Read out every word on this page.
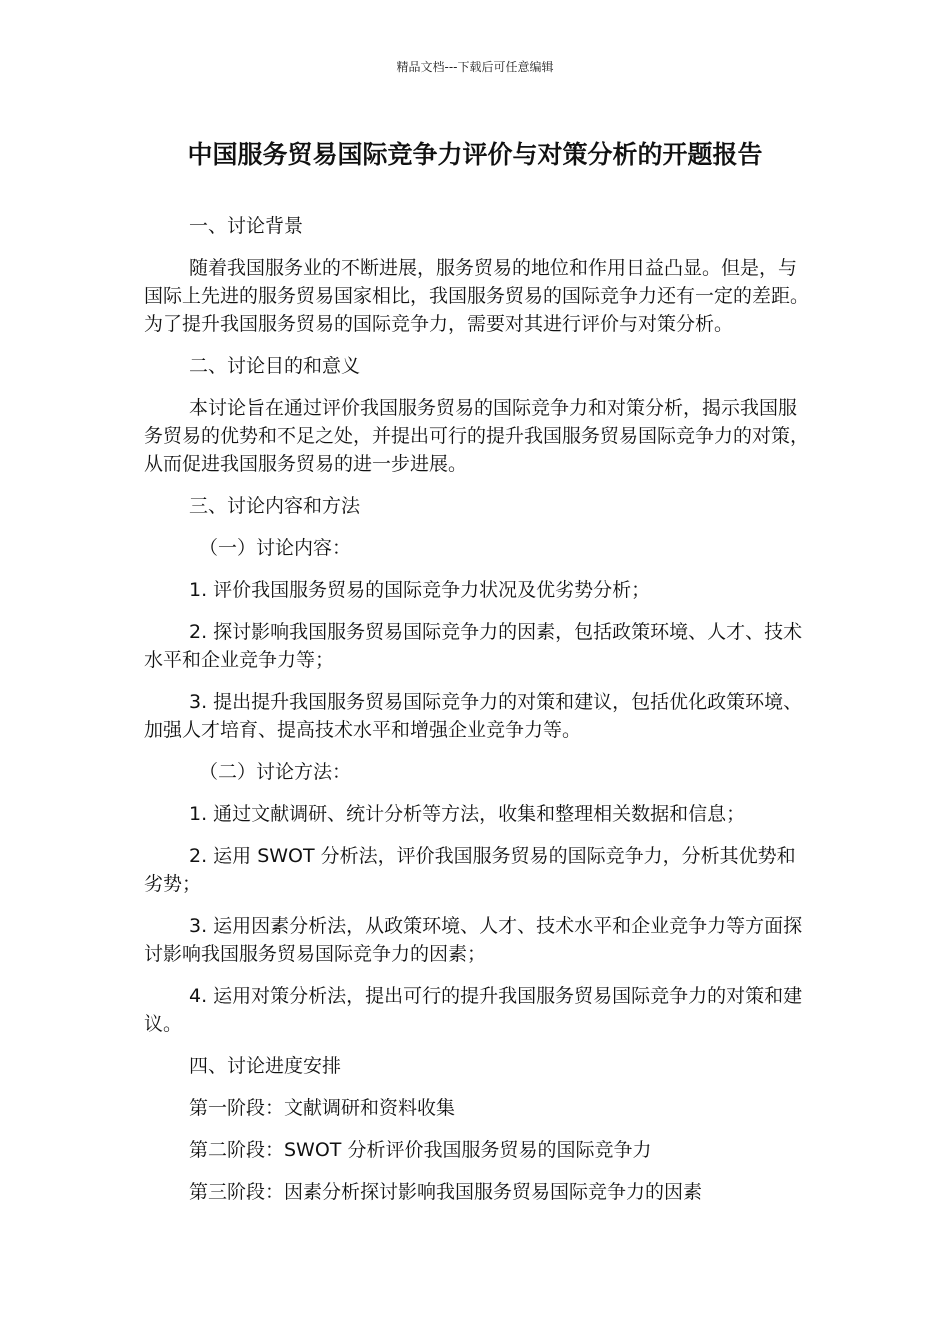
精品文档---下载后可任意编辑
中国服务贸易国际竞争力评价与对策分析的开题报告

一、讨论背景

随着我国服务业的不断进展，服务贸易的地位和作用日益凸显。但是，与国际上先进的服务贸易国家相比，我国服务贸易的国际竞争力还有一定的差距。为了提升我国服务贸易的国际竞争力，需要对其进行评价与对策分析。

二、讨论目的和意义

本讨论旨在通过评价我国服务贸易的国际竞争力和对策分析，揭示我国服务贸易的优势和不足之处，并提出可行的提升我国服务贸易国际竞争力的对策，从而促进我国服务贸易的进一步进展。

三、讨论内容和方法

（一）讨论内容：

1. 评价我国服务贸易的国际竞争力状况及优劣势分析；

2. 探讨影响我国服务贸易国际竞争力的因素，包括政策环境、人才、技术水平和企业竞争力等；

3. 提出提升我国服务贸易国际竞争力的对策和建议，包括优化政策环境、加强人才培育、提高技术水平和增强企业竞争力等。

（二）讨论方法：

1. 通过文献调研、统计分析等方法，收集和整理相关数据和信息；

2. 运用 SWOT 分析法，评价我国服务贸易的国际竞争力，分析其优势和劣势；

3. 运用因素分析法，从政策环境、人才、技术水平和企业竞争力等方面探讨影响我国服务贸易国际竞争力的因素；

4. 运用对策分析法，提出可行的提升我国服务贸易国际竞争力的对策和建议。

四、讨论进度安排

第一阶段：文献调研和资料收集

第二阶段：SWOT 分析评价我国服务贸易的国际竞争力

第三阶段：因素分析探讨影响我国服务贸易国际竞争力的因素
